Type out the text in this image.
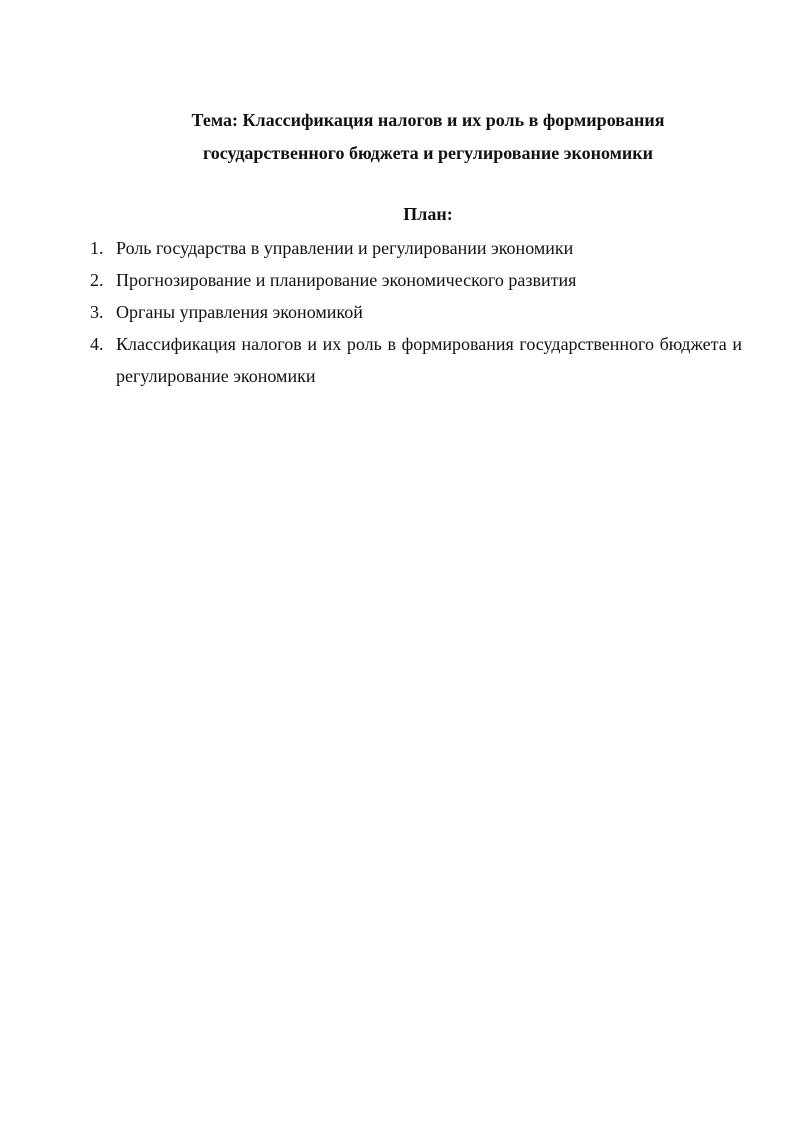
Тема: Классификация налогов и их роль в формирования
государственного бюджета и регулирование экономики
План:
1. Роль государства в управлении и регулировании экономики
2. Прогнозирование и планирование экономического развития
3. Органы управления экономикой
4. Классификация налогов и их роль в формирования государственного бюджета и регулирование экономики
